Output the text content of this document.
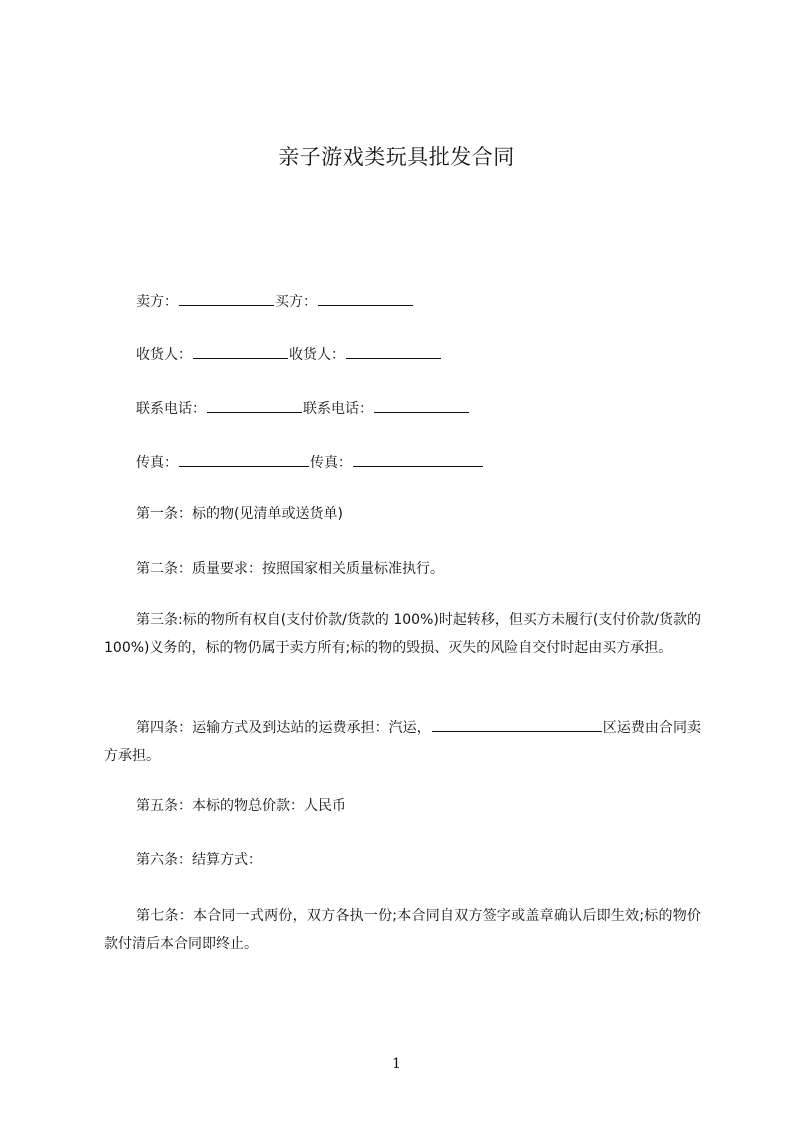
亲子游戏类玩具批发合同
卖方：	买方：
收货人：	收货人：
联系电话：	联系电话：
传真：	传真：
第一条：标的物(见清单或送货单)
第二条：质量要求：按照国家相关质量标准执行。
第三条:标的物所有权自(支付价款/货款的 100%)时起转移，但买方未履行(支付价款/货款的 100%)义务的，标的物仍属于卖方所有;标的物的毁损、灭失的风险自交付时起由买方承担。
第四条：运输方式及到达站的运费承担：汽运，	区运费由合同卖方承担。
第五条：本标的物总价款：人民币
第六条：结算方式：
第七条：本合同一式两份，双方各执一份;本合同自双方签字或盖章确认后即生效;标的物价款付清后本合同即终止。
1
